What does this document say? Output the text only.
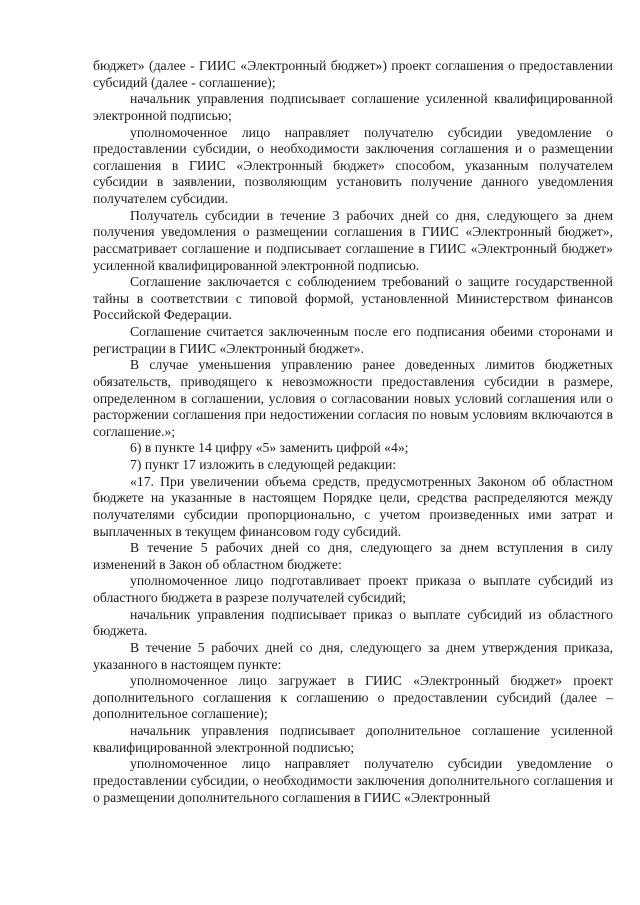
бюджет» (далее - ГИИС «Электронный бюджет») проект соглашения о предоставлении субсидий (далее - соглашение);

начальник управления подписывает соглашение усиленной квалифицированной электронной подписью;

уполномоченное лицо направляет получателю субсидии уведомление о предоставлении субсидии, о необходимости заключения соглашения и о размещении соглашения в ГИИС «Электронный бюджет» способом, указанным получателем субсидии в заявлении, позволяющим установить получение данного уведомления получателем субсидии.

Получатель субсидии в течение 3 рабочих дней со дня, следующего за днем получения уведомления о размещении соглашения в ГИИС «Электронный бюджет», рассматривает соглашение и подписывает соглашение в ГИИС «Электронный бюджет» усиленной квалифицированной электронной подписью.

Соглашение заключается с соблюдением требований о защите государственной тайны в соответствии с типовой формой, установленной Министерством финансов Российской Федерации.

Соглашение считается заключенным после его подписания обеими сторонами и регистрации в ГИИС «Электронный бюджет».

В случае уменьшения управлению ранее доведенных лимитов бюджетных обязательств, приводящего к невозможности предоставления субсидии в размере, определенном в соглашении, условия о согласовании новых условий соглашения или о расторжении соглашения при недостижении согласия по новым условиям включаются в соглашение.»;

6) в пункте 14 цифру «5» заменить цифрой «4»;

7) пункт 17 изложить в следующей редакции:

«17. При увеличении объема средств, предусмотренных Законом об областном бюджете на указанные в настоящем Порядке цели, средства распределяются между получателями субсидии пропорционально, с учетом произведенных ими затрат и выплаченных в текущем финансовом году субсидий.

В течение 5 рабочих дней со дня, следующего за днем вступления в силу изменений в Закон об областном бюджете:

уполномоченное лицо подготавливает проект приказа о выплате субсидий из областного бюджета в разрезе получателей субсидий;

начальник управления подписывает приказ о выплате субсидий из областного бюджета.

В течение 5 рабочих дней со дня, следующего за днем утверждения приказа, указанного в настоящем пункте:

уполномоченное лицо загружает в ГИИС «Электронный бюджет» проект дополнительного соглашения к соглашению о предоставлении субсидий (далее – дополнительное соглашение);

начальник управления подписывает дополнительное соглашение усиленной квалифицированной электронной подписью;

уполномоченное лицо направляет получателю субсидии уведомление о предоставлении субсидии, о необходимости заключения дополнительного соглашения и о размещении дополнительного соглашения в ГИИС «Электронный
